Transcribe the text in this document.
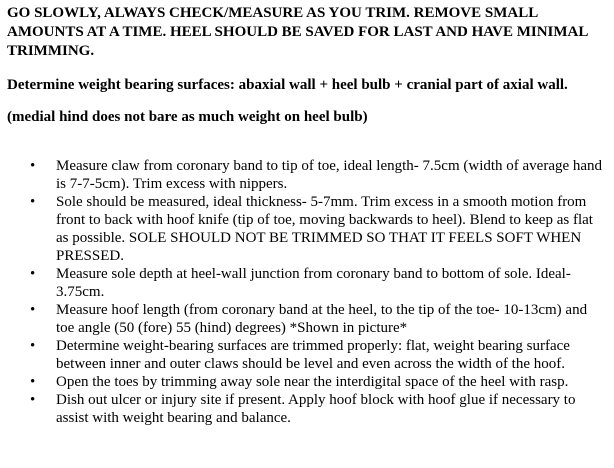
GO SLOWLY, ALWAYS CHECK/MEASURE AS YOU TRIM. REMOVE SMALL AMOUNTS AT A TIME. HEEL SHOULD BE SAVED FOR LAST AND HAVE MINIMAL TRIMMING.
Determine weight bearing surfaces: abaxial wall + heel bulb + cranial part of axial wall.
(medial hind does not bare as much weight on heel bulb)
• Measure claw from coronary band to tip of toe, ideal length- 7.5cm (width of average hand is 7-7-5cm). Trim excess with nippers.
• Sole should be measured, ideal thickness- 5-7mm. Trim excess in a smooth motion from front to back with hoof knife (tip of toe, moving backwards to heel). Blend to keep as flat as possible. SOLE SHOULD NOT BE TRIMMED SO THAT IT FEELS SOFT WHEN PRESSED.
• Measure sole depth at heel-wall junction from coronary band to bottom of sole. Ideal-3.75cm.
• Measure hoof length (from coronary band at the heel, to the tip of the toe- 10-13cm) and toe angle (50 (fore) 55 (hind) degrees) *Shown in picture*
• Determine weight-bearing surfaces are trimmed properly: flat, weight bearing surface between inner and outer claws should be level and even across the width of the hoof.
• Open the toes by trimming away sole near the interdigital space of the heel with rasp.
• Dish out ulcer or injury site if present. Apply hoof block with hoof glue if necessary to assist with weight bearing and balance.
